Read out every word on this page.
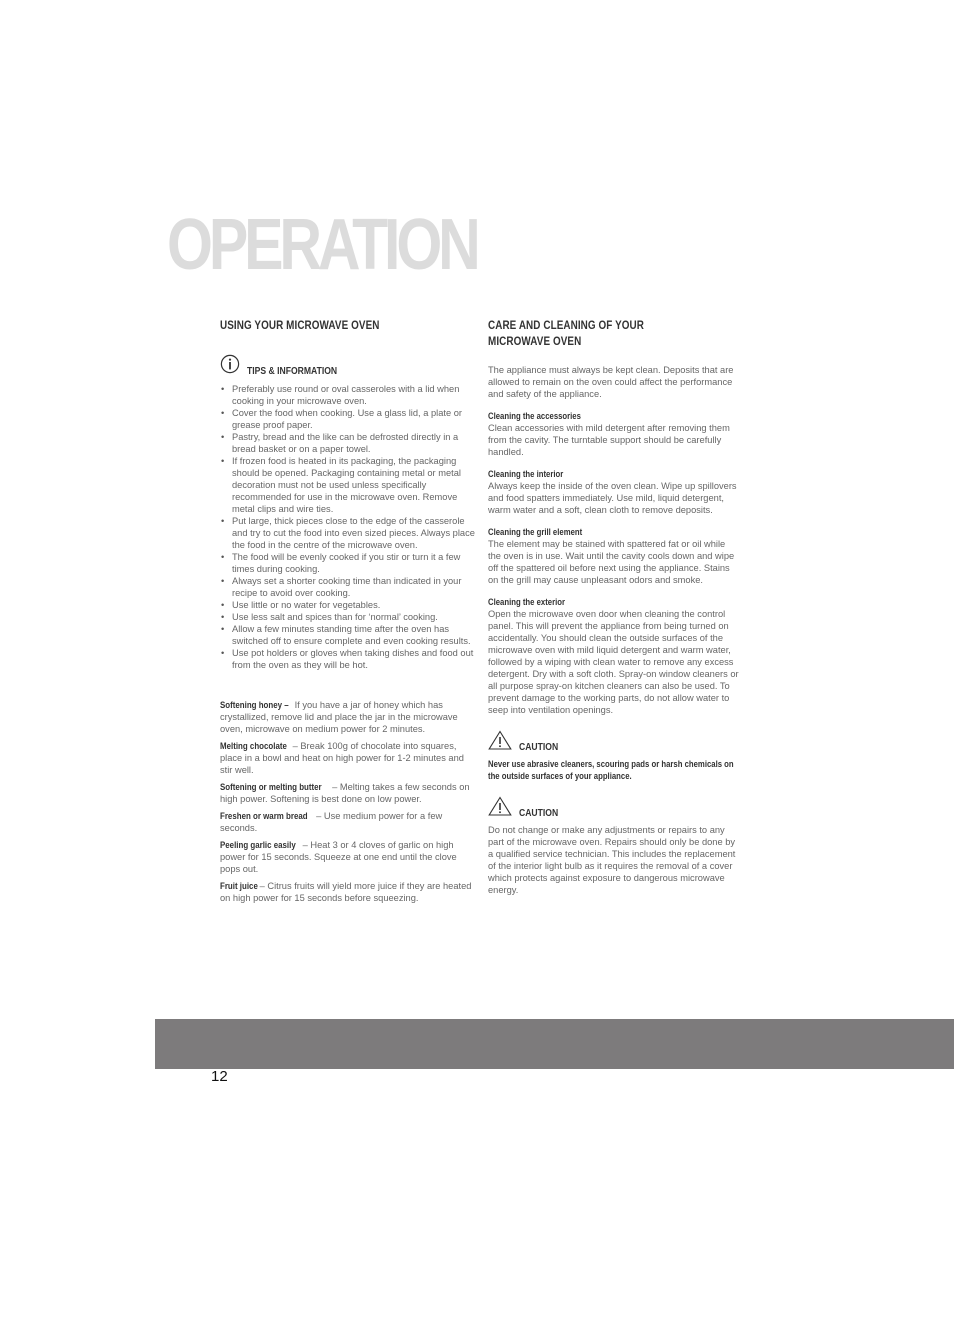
OPERATION
USING YOUR MICROWAVE OVEN
TIPS & INFORMATION
• Preferably use round or oval casseroles with a lid when cooking in your microwave oven.
• Cover the food when cooking. Use a glass lid, a plate or grease proof paper.
• Pastry, bread and the like can be defrosted directly in a bread basket or on a paper towel.
• If frozen food is heated in its packaging, the packaging should be opened. Packaging containing metal or metal decoration must not be used unless specifically recommended for use in the microwave oven. Remove metal clips and wire ties.
• Put large, thick pieces close to the edge of the casserole and try to cut the food into even sized pieces. Always place the food in the centre of the microwave oven.
• The food will be evenly cooked if you stir or turn it a few times during cooking.
• Always set a shorter cooking time than indicated in your recipe to avoid over cooking.
• Use little or no water for vegetables.
• Use less salt and spices than for ‘normal’ cooking.
• Allow a few minutes standing time after the oven has switched off to ensure complete and even cooking results.
• Use pot holders or gloves when taking dishes and food out from the oven as they will be hot.

Softening honey – If you have a jar of honey which has crystallized, remove lid and place the jar in the microwave oven, microwave on medium power for 2 minutes.

Melting chocolate – Break 100g of chocolate into squares, place in a bowl and heat on high power for 1-2 minutes and stir well.

Softening or melting butter – Melting takes a few seconds on high power. Softening is best done on low power.

Freshen or warm bread – Use medium power for a few seconds.

Peeling garlic easily – Heat 3 or 4 cloves of garlic on high power for 15 seconds. Squeeze at one end until the clove pops out.

Fruit juice – Citrus fruits will yield more juice if they are heated on high power for 15 seconds before squeezing.

CARE AND CLEANING OF YOUR
MICROWAVE OVEN

The appliance must always be kept clean. Deposits that are allowed to remain on the oven could affect the performance and safety of the appliance.

Cleaning the accessories

Clean accessories with mild detergent after removing them from the cavity. The turntable support should be carefully handled.

Cleaning the interior

Always keep the inside of the oven clean. Wipe up spillovers and food spatters immediately. Use mild, liquid detergent, warm water and a soft, clean cloth to remove deposits.

Cleaning the grill element

The element may be stained with spattered fat or oil while the oven is in use. Wait until the cavity cools down and wipe off the spattered oil before next using the appliance. Stains on the grill may cause unpleasant odors and smoke.

Cleaning the exterior

Open the microwave oven door when cleaning the control panel. This will prevent the appliance from being turned on accidentally. You should clean the outside surfaces of the microwave oven with mild liquid detergent and warm water, followed by a wiping with clean water to remove any excess detergent. Dry with a soft cloth. Spray-on window cleaners or all purpose spray-on kitchen cleaners can also be used. To prevent damage to the working parts, do not allow water to seep into ventilation openings.

CAUTION

Never use abrasive cleaners, scouring pads or harsh chemicals on the outside surfaces of your appliance.

CAUTION

Do not change or make any adjustments or repairs to any part of the microwave oven. Repairs should only be done by a qualified service technician. This includes the replacement of the interior light bulb as it requires the removal of a cover which protects against exposure to dangerous microwave energy.

12
